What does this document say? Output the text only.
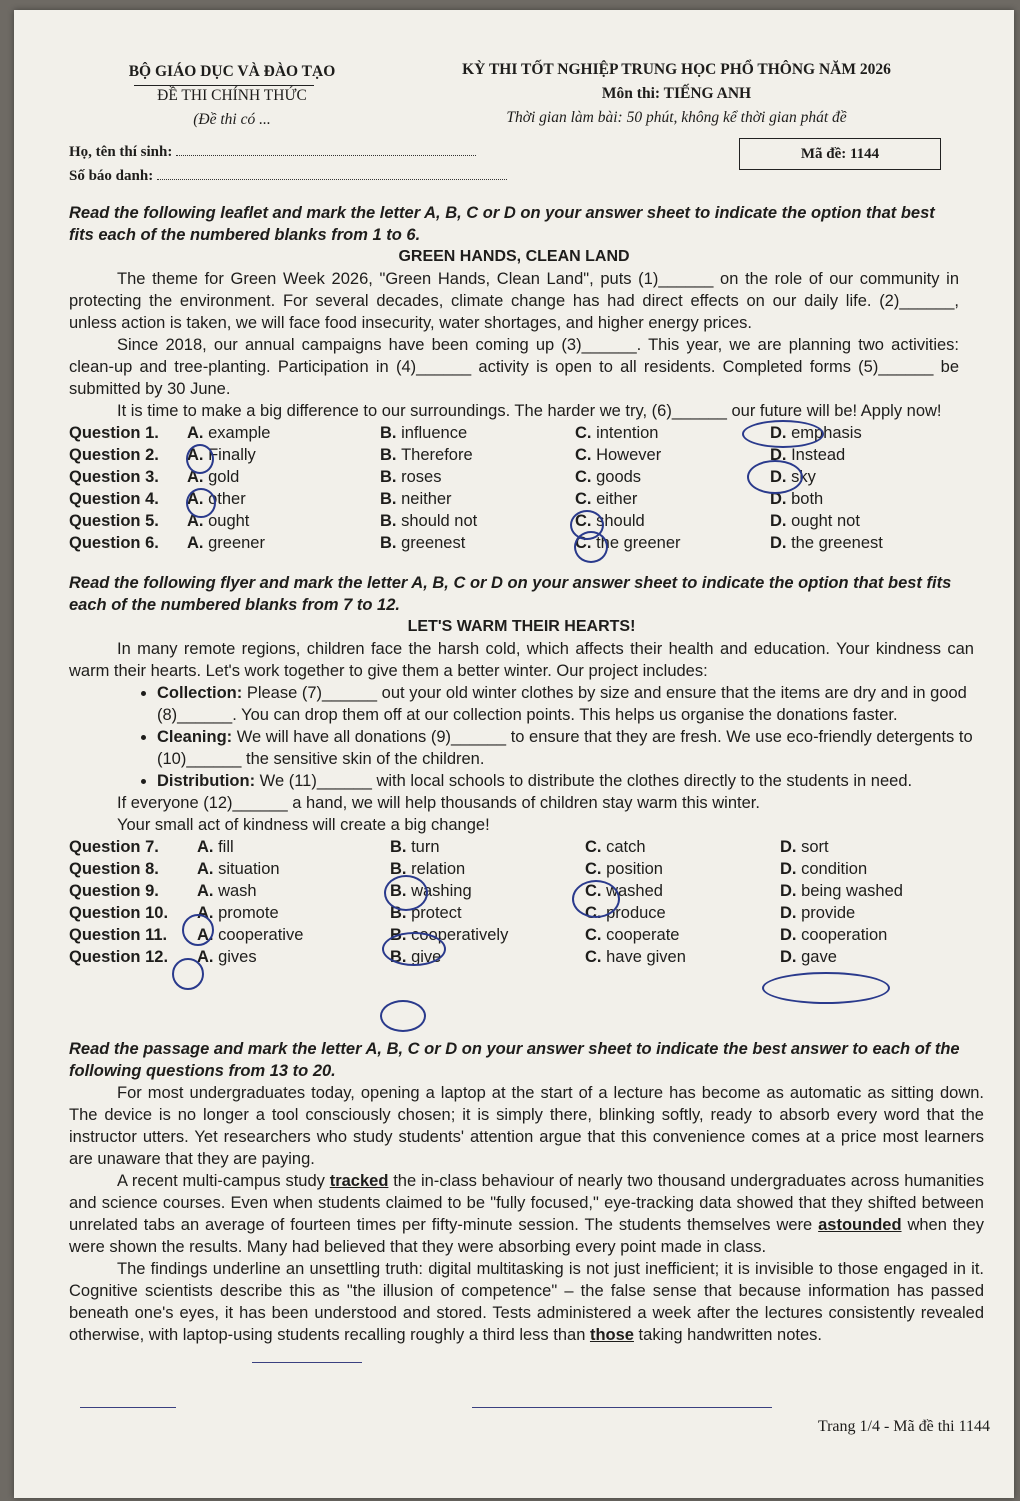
BỘ GIÁO DỤC VÀ ĐÀO TẠO
ĐỀ THI CHÍNH THỨC
(Đề thi có ...
KỲ THI TỐT NGHIỆP TRUNG HỌC PHỔ THÔNG NĂM 2026
Môn thi: TIẾNG ANH
Thời gian làm bài: 50 phút, không kể thời gian phát đề
Họ, tên thí sinh:
Số báo danh:
Mã đề: 1144
Read the following leaflet and mark the letter A, B, C or D on your answer sheet to indicate the option that best fits each of the numbered blanks from 1 to 6.
GREEN HANDS, CLEAN LAND
The theme for Green Week 2026, "Green Hands, Clean Land", puts (1)______ on the role of our community in protecting the environment. For several decades, climate change has had direct effects on our daily life. (2)______, unless action is taken, we will face food insecurity, water shortages, and higher energy prices.
Since 2018, our annual campaigns have been coming up (3)______. This year, we are planning two activities: clean-up and tree-planting. Participation in (4)______ activity is open to all residents. Completed forms (5)______ be submitted by 30 June.
It is time to make a big difference to our surroundings. The harder we try, (6)______ our future will be! Apply now!
Question 1.	A. example	B. influence	C. intention	D. emphasis
Question 2.	A. Finally	B. Therefore	C. However	D. Instead
Question 3.	A. gold	B. roses	C. goods	D. sky
Question 4.	A. other	B. neither	C. either	D. both
Question 5.	A. ought	B. should not	C. should	D. ought not
Question 6.	A. greener	B. greenest	C. the greener	D. the greenest
Read the following flyer and mark the letter A, B, C or D on your answer sheet to indicate the option that best fits each of the numbered blanks from 7 to 12.
LET'S WARM THEIR HEARTS!
In many remote regions, children face the harsh cold, which affects their health and education. Your kindness can warm their hearts. Let's work together to give them a better winter. Our project includes:
• Collection: Please (7)______ out your old winter clothes by size and ensure that the items are dry and in good (8)______. You can drop them off at our collection points. This helps us organise the donations faster.
• Cleaning: We will have all donations (9)______ to ensure that they are fresh. We use eco-friendly detergents to (10)______ the sensitive skin of the children.
• Distribution: We (11)______ with local schools to distribute the clothes directly to the students in need.
If everyone (12)______ a hand, we will help thousands of children stay warm this winter.
Your small act of kindness will create a big change!
Question 7.	A. fill	B. turn	C. catch	D. sort
Question 8.	A. situation	B. relation	C. position	D. condition
Question 9.	A. wash	B. washing	C. washed	D. being washed
Question 10.	A. promote	B. protect	C. produce	D. provide
Question 11.	A. cooperative	B. cooperatively	C. cooperate	D. cooperation
Question 12.	A. gives	B. give	C. have given	D. gave
Read the passage and mark the letter A, B, C or D on your answer sheet to indicate the best answer to each of the following questions from 13 to 20.
For most undergraduates today, opening a laptop at the start of a lecture has become as automatic as sitting down. The device is no longer a tool consciously chosen; it is simply there, blinking softly, ready to absorb every word that the instructor utters. Yet researchers who study students' attention argue that this convenience comes at a price most learners are unaware that they are paying.
A recent multi-campus study tracked the in-class behaviour of nearly two thousand undergraduates across humanities and science courses. Even when students claimed to be "fully focused," eye-tracking data showed that they shifted between unrelated tabs an average of fourteen times per fifty-minute session. The students themselves were astounded when they were shown the results. Many had believed that they were absorbing every point made in class.
The findings underline an unsettling truth: digital multitasking is not just inefficient; it is invisible to those engaged in it. Cognitive scientists describe this as "the illusion of competence" – the false sense that because information has passed beneath one's eyes, it has been understood and stored. Tests administered a week after the lectures consistently revealed otherwise, with laptop-using students recalling roughly a third less than those taking handwritten notes.
Trang 1/4 - Mã đề thi 1144
